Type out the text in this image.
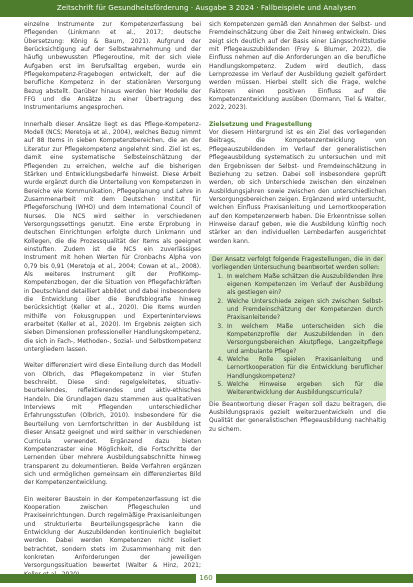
Zeitschrift für Gesundheitsförderung · Ausgabe 3 2024 · Fallbeispiele und Analysen

einzelne Instrumente zur Kompetenzerfassung bei Pflegenden (Linkmann et al., 2017; deutsche Übersetzung: König & Baum, 2021). Aufgrund der Berücksichtigung auf der Selbstwahrnehmung und der häufig unbewussten Pflegeroutine, mit der sich viele Aufgaben erst im Berufsalltag ergeben, wurde ein Pflegekompetenz-Fragebogen entwickelt, der auf die berufliche Kompetenz in der stationären Versorgung Bezug abstellt. Darüber hinaus werden hier Modelle der FFG und die Ansätze zu einer Übertragung des Instrumentariums angesprochen.

Innerhalb dieser Ansätze liegt es das Pflege-Kompetenz-Modell (NCS; Meretoja et al., 2004), welches Bezug nimmt auf 88 Items in sieben Kompetenzbereichen, die an der Literatur zur Pflegekompetenz angelehnt sind. Ziel ist es, damit eine systematische Selbsteinschätzung der Pflegenden zu erreichen, welche auf die bisherigen Stärken und Entwicklungsbedarfe hinweist. Diese Arbeit wurde ergänzt durch die Unterteilung von Kompetenzen in Bereiche wie Kommunikation, Pflegeplanung und Lehre in Zusammenarbeit mit dem Deutschen Institut für Pflegeforschung (WHO) und dem International Council of Nurses. Die NCS wird seither in verschiedenen Versorgungssettings genutzt. Eine erste Erprobung in deutschen Einrichtungen erfolgte durch Linkmann und Kollegen, die die Prozessqualität der Items als geeignet einstuften. Zudem ist die NCS ein zuverlässiges Instrument mit hohen Werten für Cronbachs Alpha von 0,79 bis 0,91 (Meretoja et al., 2004; Cowan et al., 2008). Als weiteres Instrument gilt der ProfiKomp-Kompetenzbogen, der die Situation von Pflegefachkräften in Deutschland detailliert abbildet und dabei insbesondere die Entwicklung über die Berufsbiografie hinweg berücksichtigt (Keller et al., 2020). Die Items wurden mithilfe von Fokusgruppen und Experteninterviews erarbeitet (Keller et al., 2020). Im Ergebnis zeigten sich sieben Dimensionen professioneller Handlungskompetenz, die sich in Fach-, Methoden-, Sozial- und Selbstkompetenz untergliedern lassen.

Weiter differenziert wird diese Einteilung durch das Modell von Olbrich, das Pflegekompetenz in vier Stufen beschreibt. Diese sind: regelgeleitetes, situativ-beurteilendes, reflektierendes und aktiv-ethisches Handeln. Die Grundlagen dazu stammen aus qualitativen Interviews mit Pflegenden unterschiedlicher Erfahrungsstufen (Olbrich, 2010). Insbesondere für die Beurteilung von Lernfortschritten in der Ausbildung ist dieser Ansatz geeignet und wird seither in verschiedenen Curricula verwendet. Ergänzend dazu bieten Kompetenzraster eine Möglichkeit, die Fortschritte der Lernenden über mehrere Ausbildungsabschnitte hinweg transparent zu dokumentieren. Beide Verfahren ergänzen sich und ermöglichen gemeinsam ein differenziertes Bild der Kompetenzentwicklung.

Ein weiterer Baustein in der Kompetenzerfassung ist die Kooperation zwischen Pflegeschulen und Praxiseinrichtungen. Durch regelmäßige Praxisanleitungen und strukturierte Beurteilungsgespräche kann die Entwicklung der Auszubildenden kontinuierlich begleitet werden. Dabei werden Kompetenzen nicht isoliert betrachtet, sondern stets im Zusammenhang mit den konkreten Anforderungen der jeweiligen Versorgungssituation bewertet (Walter & Hinz, 2021;

sich Kompetenzen gemäß den Annahmen der Selbst- und Fremdeinschätzung über die Zeit hinweg entwickeln. Dies zeigt sich deutlich auf der Basis einer Längsschnittstudie mit Pflegeauszubildenden (Frey & Blumer, 2022), die Einfluss nehmen auf die Anforderungen an die berufliche Handlungskompetenz. Zudem wird deutlich, dass Lernprozesse im Verlauf der Ausbildung gezielt gefördert werden müssen. Hierbei stellt sich die Frage, welche Faktoren einen positiven Einfluss auf die Kompetenzentwicklung ausüben (Dormann, Tiel & Walter, 2022, 2023).

Zielsetzung und Fragestellung

Vor diesem Hintergrund ist es ein Ziel des vorliegenden Beitrags, die Kompetenzentwicklung von Pflegeauszubildenden im Verlauf der generalistischen Pflegeausbildung systematisch zu untersuchen und mit den Ergebnissen der Selbst- und Fremdeinschätzung in Beziehung zu setzen. Dabei soll insbesondere geprüft werden, ob sich Unterschiede zwischen den einzelnen Ausbildungsjahren sowie zwischen den unterschiedlichen Versorgungsbereichen zeigen. Ergänzend wird untersucht, welchen Einfluss Praxisanleitung und Lernortkooperation auf den Kompetenzerwerb haben. Die Erkenntnisse sollen Hinweise darauf geben, wie die Ausbildung künftig noch stärker an den individuellen Lernbedarfen ausgerichtet werden kann.

Der Ansatz verfolgt folgende Fragestellungen, die in der vorliegenden Untersuchung beantwortet werden sollen:

1. In welchem Maße schätzen die Auszubildenden ihre eigenen Kompetenzen im Verlauf der Ausbildung als gestiegen ein?
2. Welche Unterschiede zeigen sich zwischen Selbst- und Fremdeinschätzung der Kompetenzen durch Praxisanleitende?
3. In welchem Maße unterscheiden sich die Kompetenzprofile der Auszubildenden in den Versorgungsbereichen Akutpflege, Langzeitpflege und ambulante Pflege?
4. Welche Rolle spielen Praxisanleitung und Lernortkooperation für die Entwicklung beruflicher Handlungskompetenz?
5. Welche Hinweise ergeben sich für die Weiterentwicklung der Ausbildungscurricula?

Die Beantwortung dieser Fragen soll dazu beitragen, die Ausbildungspraxis gezielt weiterzuentwickeln und die Qualität der generalistischen Pflegeausbildung nachhaltig zu sichern.

160
